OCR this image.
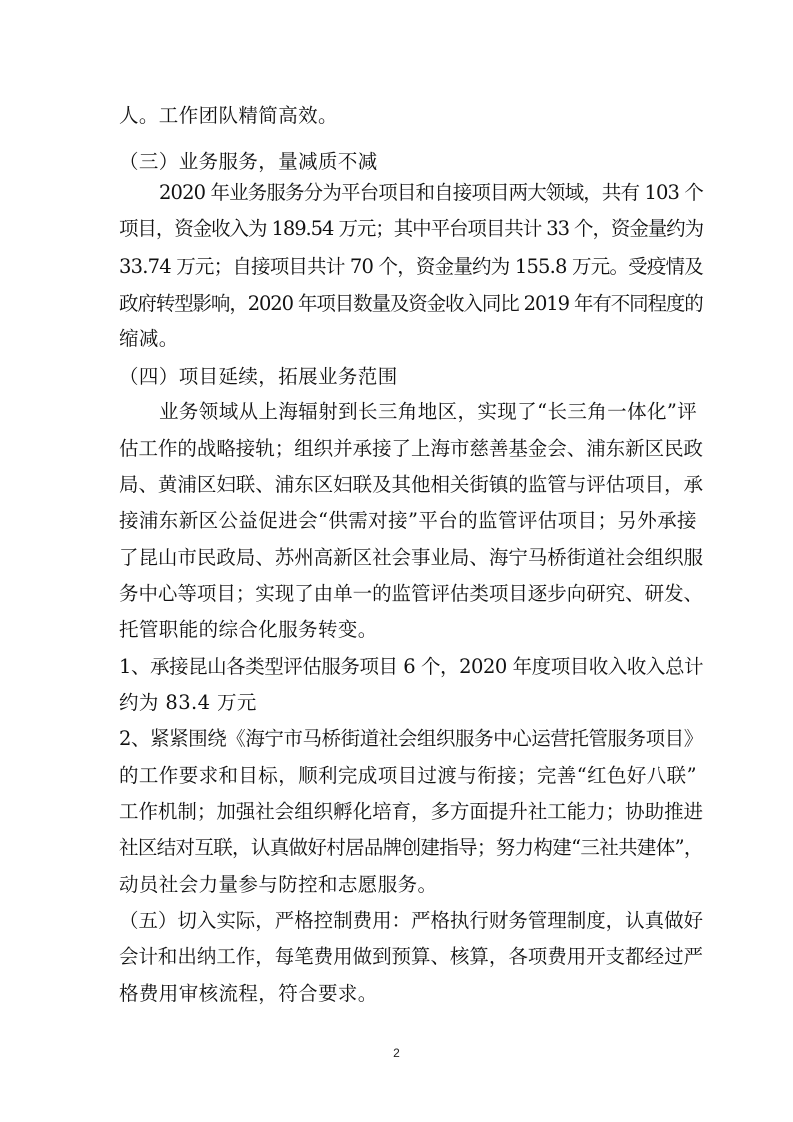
人。工作团队精简高效。
（三）业务服务，量减质不减
2020 年业务服务分为平台项目和自接项目两大领域，共有 103 个
项目，资金收入为 189.54 万元；其中平台项目共计 33 个，资金量约为
33.74 万元；自接项目共计 70 个，资金量约为 155.8 万元。受疫情及
政府转型影响，2020 年项目数量及资金收入同比 2019 年有不同程度的
缩减。
（四）项目延续，拓展业务范围
业务领域从上海辐射到长三角地区，实现了“长三角一体化”评
估工作的战略接轨；组织并承接了上海市慈善基金会、浦东新区民政
局、黄浦区妇联、浦东区妇联及其他相关街镇的监管与评估项目，承
接浦东新区公益促进会“供需对接”平台的监管评估项目；另外承接
了昆山市民政局、苏州高新区社会事业局、海宁马桥街道社会组织服
务中心等项目；实现了由单一的监管评估类项目逐步向研究、研发、
托管职能的综合化服务转变。
1、承接昆山各类型评估服务项目 6 个，2020 年度项目收入收入总计
约为 83.4 万元
2、紧紧围绕《海宁市马桥街道社会组织服务中心运营托管服务项目》
的工作要求和目标，顺利完成项目过渡与衔接；完善“红色好八联”
工作机制；加强社会组织孵化培育，多方面提升社工能力；协助推进
社区结对互联，认真做好村居品牌创建指导；努力构建“三社共建体”，
动员社会力量参与防控和志愿服务。
（五）切入实际，严格控制费用：严格执行财务管理制度，认真做好
会计和出纳工作，每笔费用做到预算、核算，各项费用开支都经过严
格费用审核流程，符合要求。
2
